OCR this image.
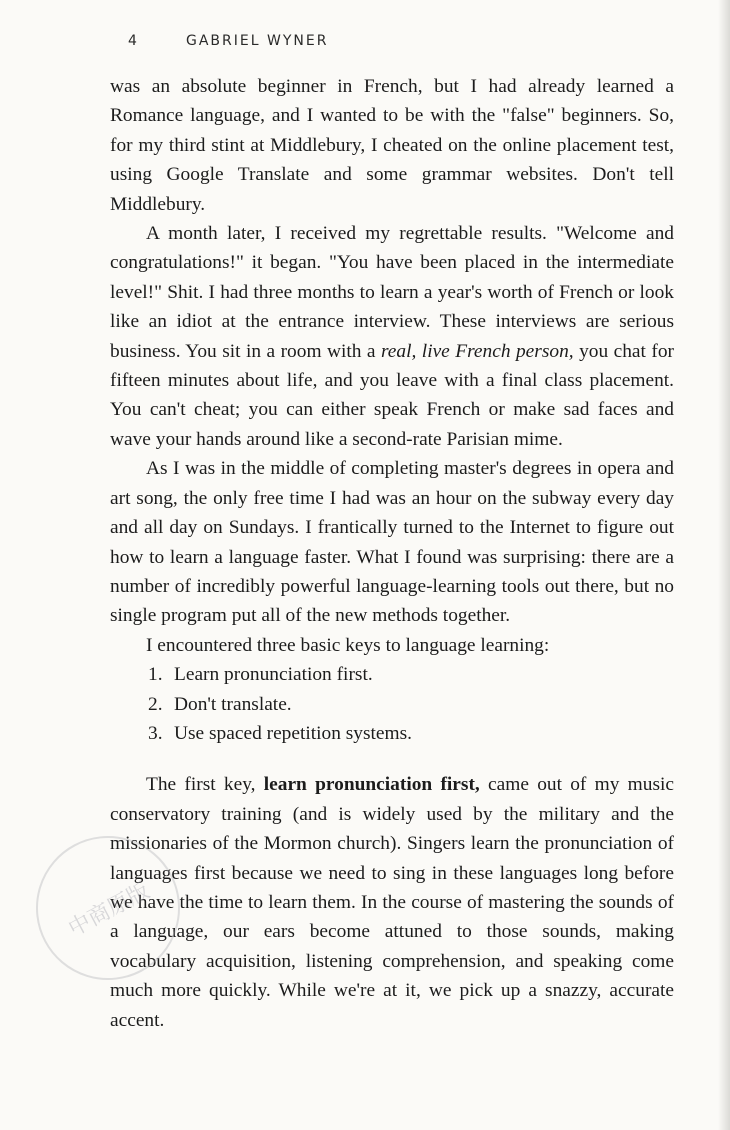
4	GABRIEL WYNER

was an absolute beginner in French, but I had already learned a Romance language, and I wanted to be with the "false" beginners. So, for my third stint at Middlebury, I cheated on the online placement test, using Google Translate and some grammar websites. Don't tell Middlebury.

A month later, I received my regrettable results. "Welcome and congratulations!" it began. "You have been placed in the intermediate level!" Shit. I had three months to learn a year's worth of French or look like an idiot at the entrance interview. These interviews are serious business. You sit in a room with a real, live French person, you chat for fifteen minutes about life, and you leave with a final class placement. You can't cheat; you can either speak French or make sad faces and wave your hands around like a second-rate Parisian mime.

As I was in the middle of completing master's degrees in opera and art song, the only free time I had was an hour on the subway every day and all day on Sundays. I frantically turned to the Internet to figure out how to learn a language faster. What I found was surprising: there are a number of incredibly powerful language-learning tools out there, but no single program put all of the new methods together.

I encountered three basic keys to language learning:

1. Learn pronunciation first.
2. Don't translate.
3. Use spaced repetition systems.

The first key, learn pronunciation first, came out of my music conservatory training (and is widely used by the military and the missionaries of the Mormon church). Singers learn the pronunciation of languages first because we need to sing in these languages long before we have the time to learn them. In the course of mastering the sounds of a language, our ears become attuned to those sounds, making vocabulary acquisition, listening comprehension, and speaking come much more quickly. While we're at it, we pick up a snazzy, accurate accent.

中商原版
